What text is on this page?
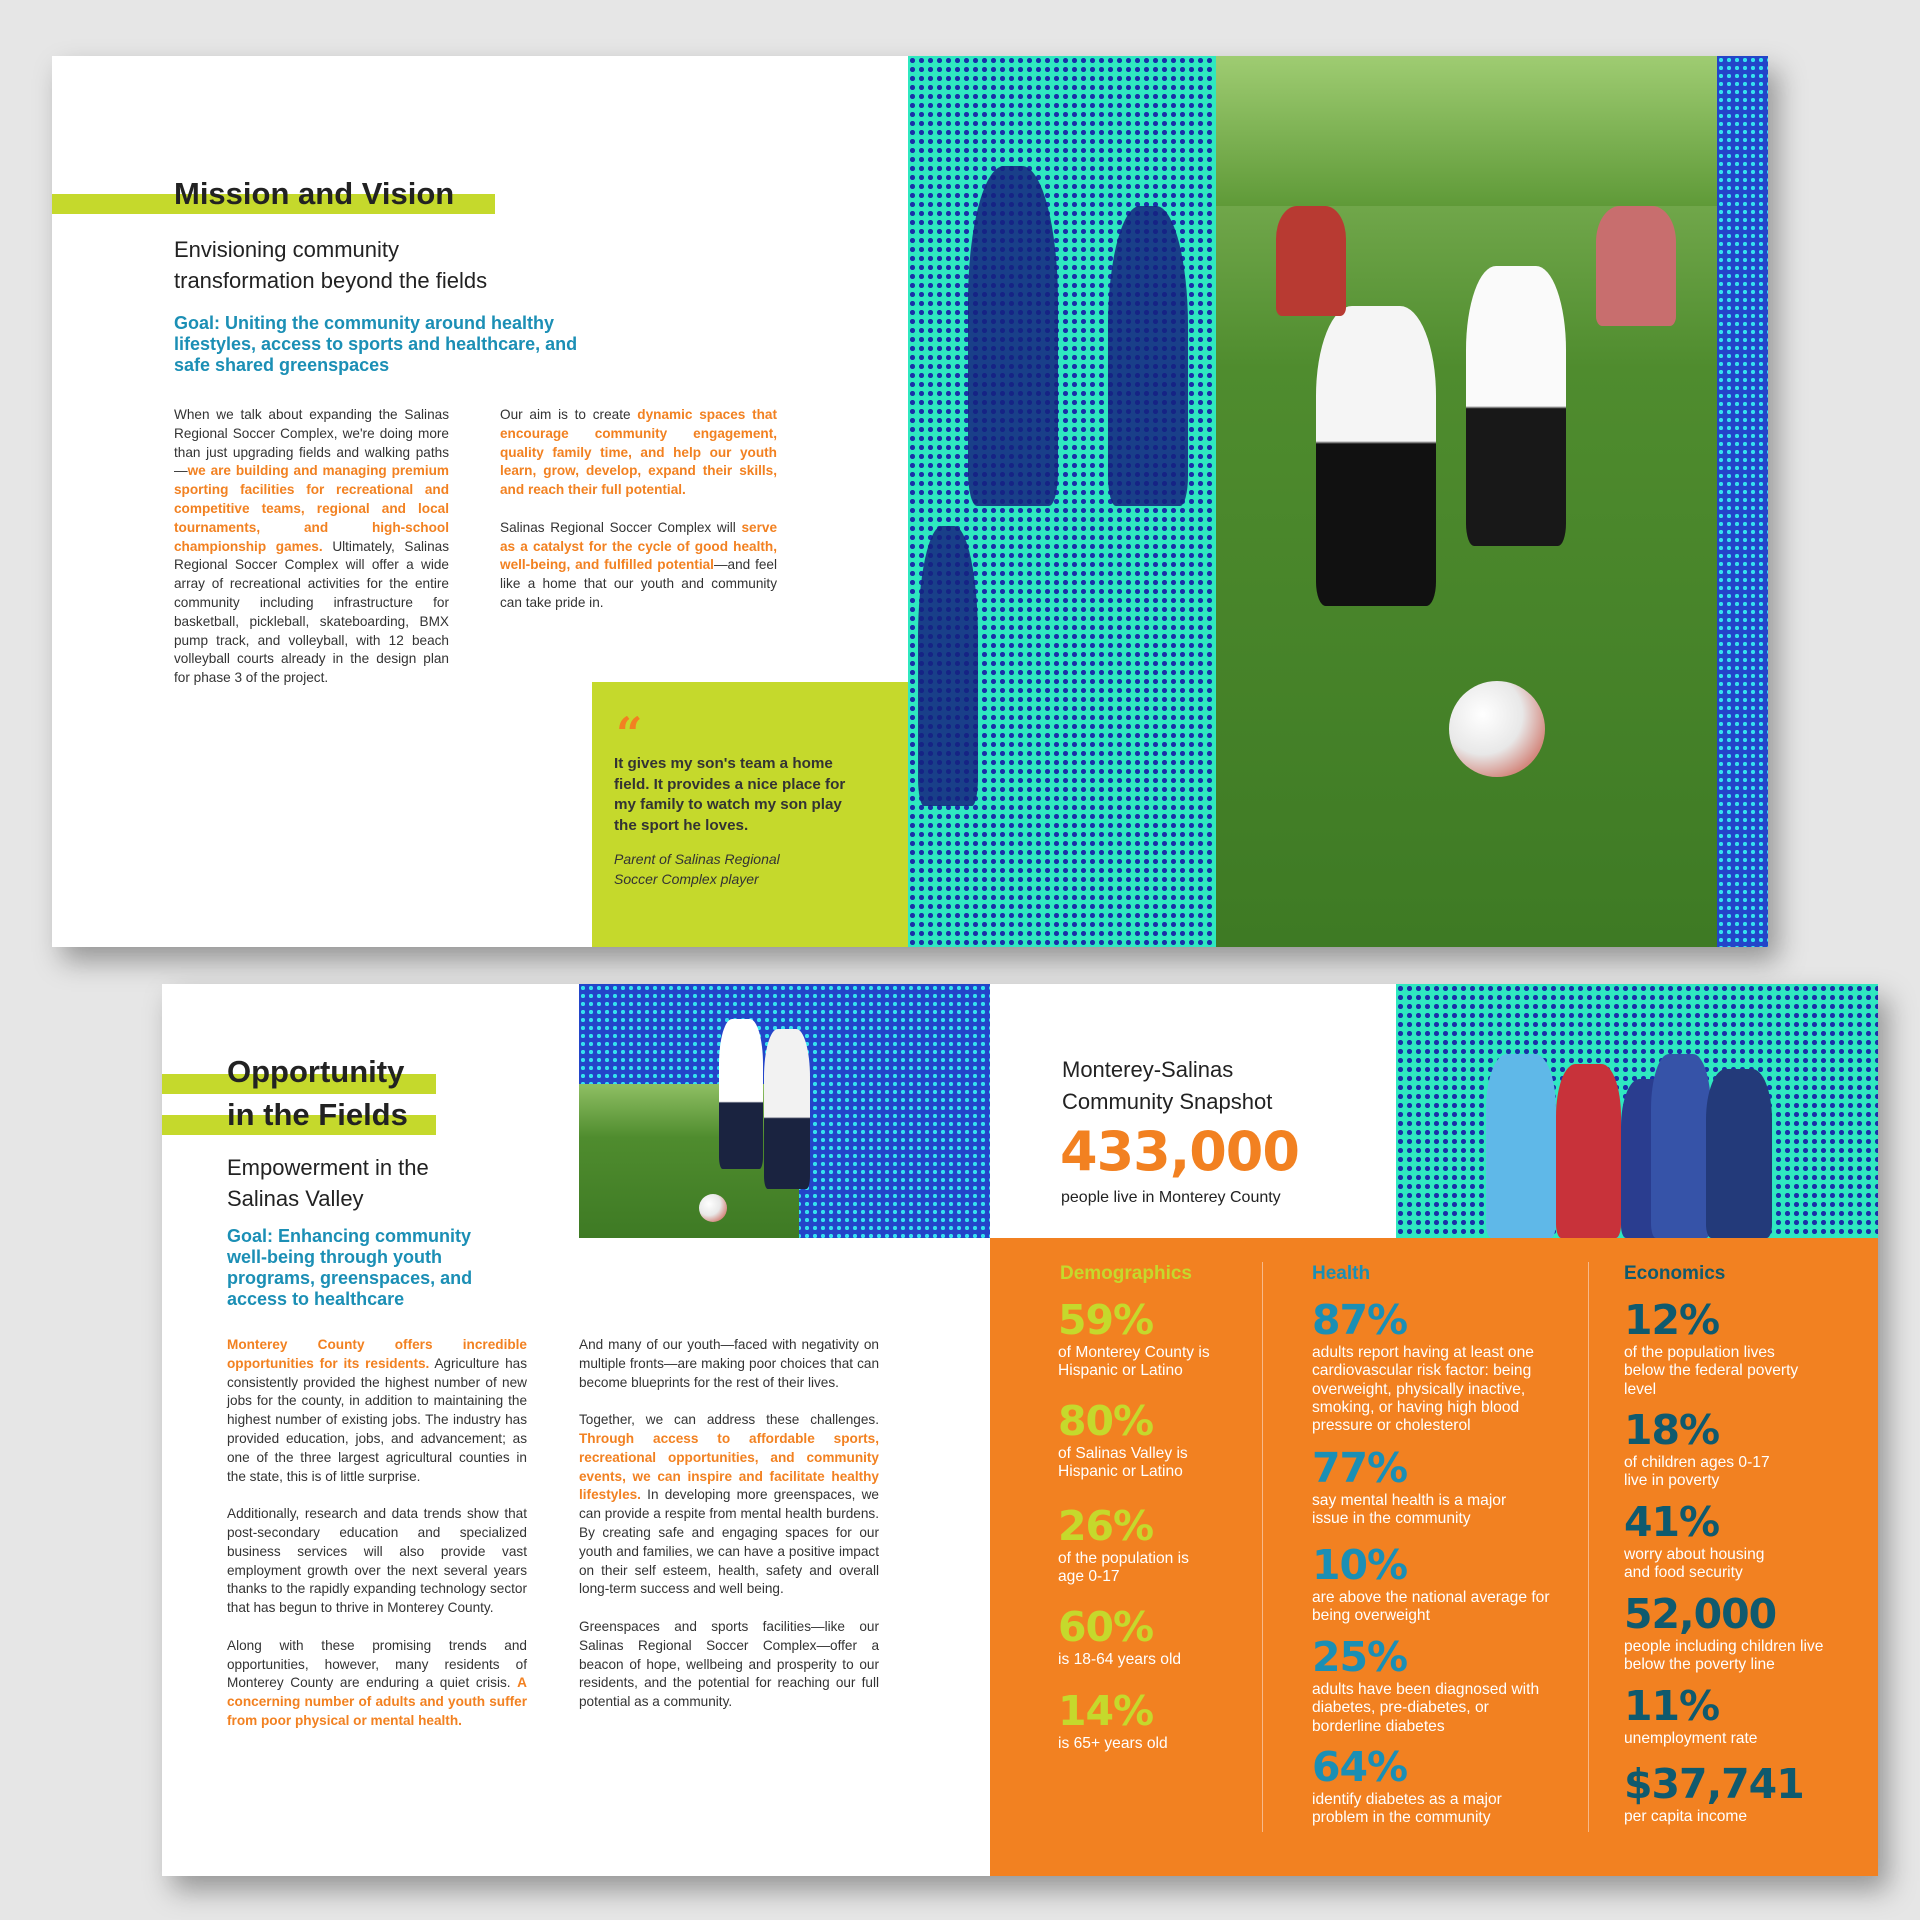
Mission and Vision

Envisioning community
transformation beyond the fields

Goal: Uniting the community around healthy lifestyles, access to sports and healthcare, and safe shared greenspaces

When we talk about expanding the Salinas Regional Soccer Complex, we're doing more than just upgrading fields and walking paths—we are building and managing premium sporting facilities for recreational and competitive teams, regional and local tournaments, and high-school championship games. Ultimately, Salinas Regional Soccer Complex will offer a wide array of recreational activities for the entire community including infrastructure for basketball, pickleball, skateboarding, BMX pump track, and volleyball, with 12 beach volleyball courts already in the design plan for phase 3 of the project.

Our aim is to create dynamic spaces that encourage community engagement, quality family time, and help our youth learn, grow, develop, expand their skills, and reach their full potential.

Salinas Regional Soccer Complex will serve as a catalyst for the cycle of good health, well-being, and fulfilled potential—and feel like a home that our youth and community can take pride in.

“

It gives my son's team a home field. It provides a nice place for my family to watch my son play the sport he loves.

Parent of Salinas Regional
Soccer Complex player

Opportunity
in the Fields

Empowerment in the
Salinas Valley

Goal: Enhancing community well-being through youth programs, greenspaces, and access to healthcare

Monterey County offers incredible opportunities for its residents. Agriculture has consistently provided the highest number of new jobs for the county, in addition to maintaining the highest number of existing jobs. The industry has provided education, jobs, and advancement; as one of the three largest agricultural counties in the state, this is of little surprise.

Additionally, research and data trends show that post-secondary education and specialized business services will also provide vast employment growth over the next several years thanks to the rapidly expanding technology sector that has begun to thrive in Monterey County.

Along with these promising trends and opportunities, however, many residents of Monterey County are enduring a quiet crisis. A concerning number of adults and youth suffer from poor physical or mental health.

And many of our youth—faced with negativity on multiple fronts—are making poor choices that can become blueprints for the rest of their lives.

Together, we can address these challenges. Through access to affordable sports, recreational opportunities, and community events, we can inspire and facilitate healthy lifestyles. In developing more greenspaces, we can provide a respite from mental health burdens. By creating safe and engaging spaces for our youth and families, we can have a positive impact on their self esteem, health, safety and overall long-term success and well being.

Greenspaces and sports facilities—like our Salinas Regional Soccer Complex—offer a beacon of hope, wellbeing and prosperity to our residents, and the potential for reaching our full potential as a community.

Monterey-Salinas
Community Snapshot

433,000

people live in Monterey County

Demographics

59%

of Monterey County is Hispanic or Latino

80%

of Salinas Valley is Hispanic or Latino

26%

of the population is age 0-17

60%

is 18-64 years old

14%

is 65+ years old

Health

87%

adults report having at least one cardiovascular risk factor: being overweight, physically inactive, smoking, or having high blood pressure or cholesterol

77%

say mental health is a major issue in the community

10%

are above the national average for being overweight

25%

adults have been diagnosed with diabetes, pre-diabetes, or borderline diabetes

64%

identify diabetes as a major problem in the community

Economics

12%

of the population lives below the federal poverty level

18%

of children ages 0-17 live in poverty

41%

worry about housing and food security

52,000

people including children live below the poverty line

11%

unemployment rate

$37,741

per capita income
